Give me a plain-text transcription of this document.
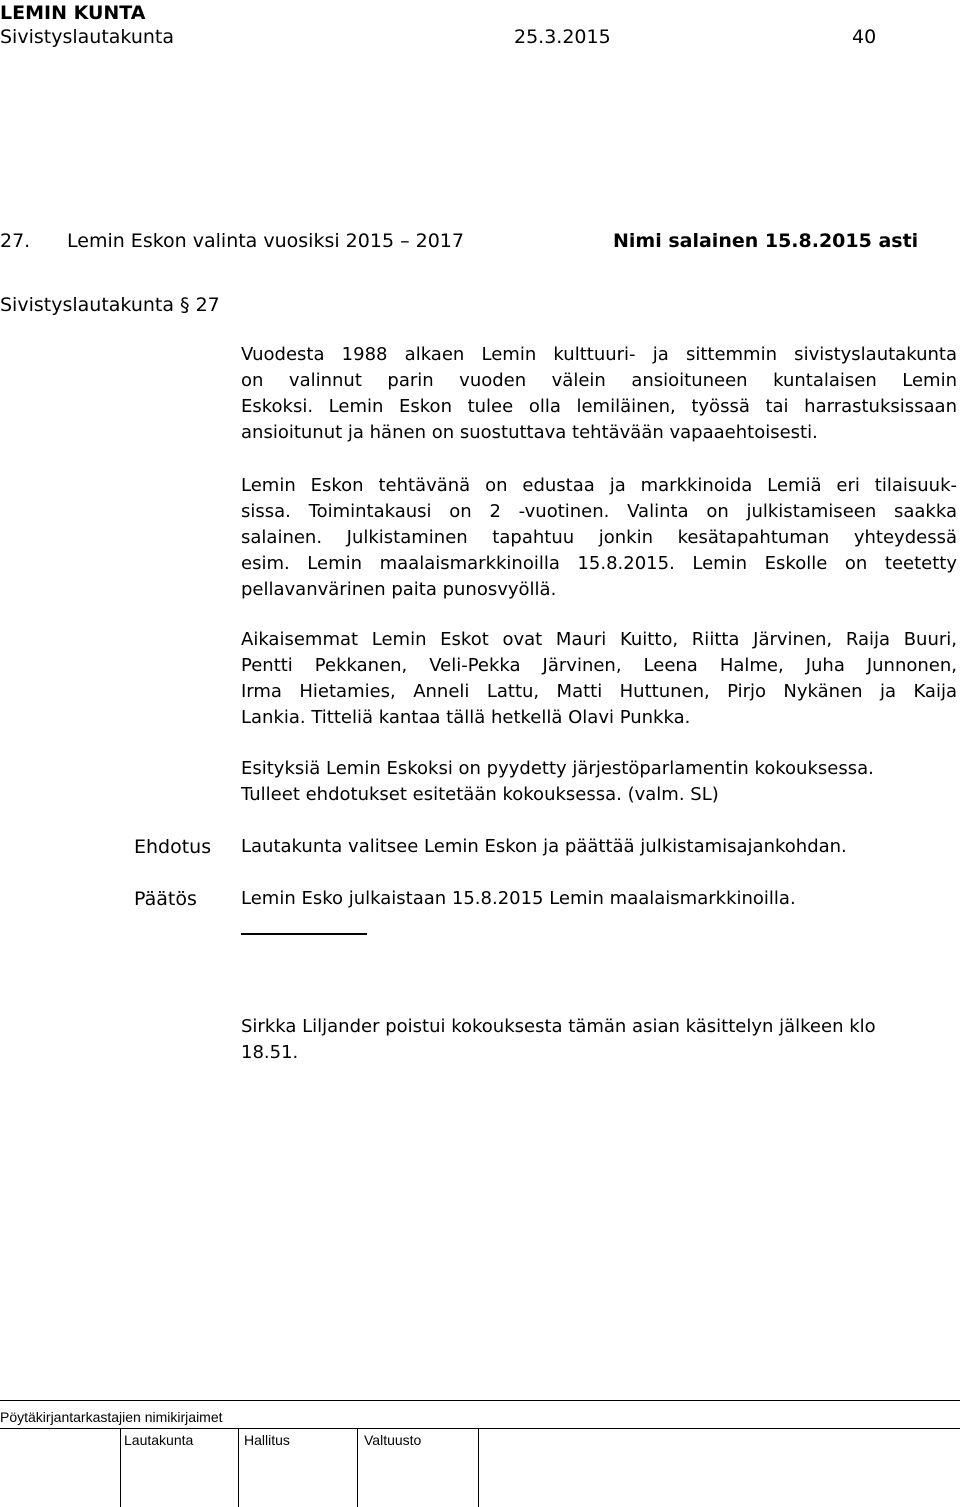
LEMIN KUNTA
Sivistyslautakunta	25.3.2015	40
27. Lemin Eskon valinta vuosiksi 2015 – 2017	Nimi salainen 15.8.2015 asti
Sivistyslautakunta § 27
Vuodesta 1988 alkaen Lemin kulttuuri- ja sittemmin sivistyslautakunta
on valinnut parin vuoden välein ansioituneen kuntalaisen Lemin
Eskoksi. Lemin Eskon tulee olla lemiläinen, työssä tai harrastuksissaan
ansioitunut ja hänen on suostuttava tehtävään vapaaehtoisesti.
Lemin Eskon tehtävänä on edustaa ja markkinoida Lemiä eri tilaisuuk-
sissa. Toimintakausi on 2 -vuotinen. Valinta on julkistamiseen saakka
salainen. Julkistaminen tapahtuu jonkin kesätapahtuman yhteydessä
esim. Lemin maalaismarkkinoilla 15.8.2015. Lemin Eskolle on teetetty
pellavanvärinen paita punosvyöllä.
Aikaisemmat Lemin Eskot ovat Mauri Kuitto, Riitta Järvinen, Raija Buuri,
Pentti Pekkanen, Veli-Pekka Järvinen, Leena Halme, Juha Junnonen,
Irma Hietamies, Anneli Lattu, Matti Huttunen, Pirjo Nykänen ja Kaija
Lankia. Titteliä kantaa tällä hetkellä Olavi Punkka.
Esityksiä Lemin Eskoksi on pyydetty järjestöparlamentin kokouksessa.
Tulleet ehdotukset esitetään kokouksessa. (valm. SL)
Ehdotus Lautakunta valitsee Lemin Eskon ja päättää julkistamisajankohdan.
Päätös Lemin Esko julkaistaan 15.8.2015 Lemin maalaismarkkinoilla.
Sirkka Liljander poistui kokouksesta tämän asian käsittelyn jälkeen klo
18.51.
Pöytäkirjantarkastajien nimikirjaimet
Lautakunta	Hallitus	Valtuusto
